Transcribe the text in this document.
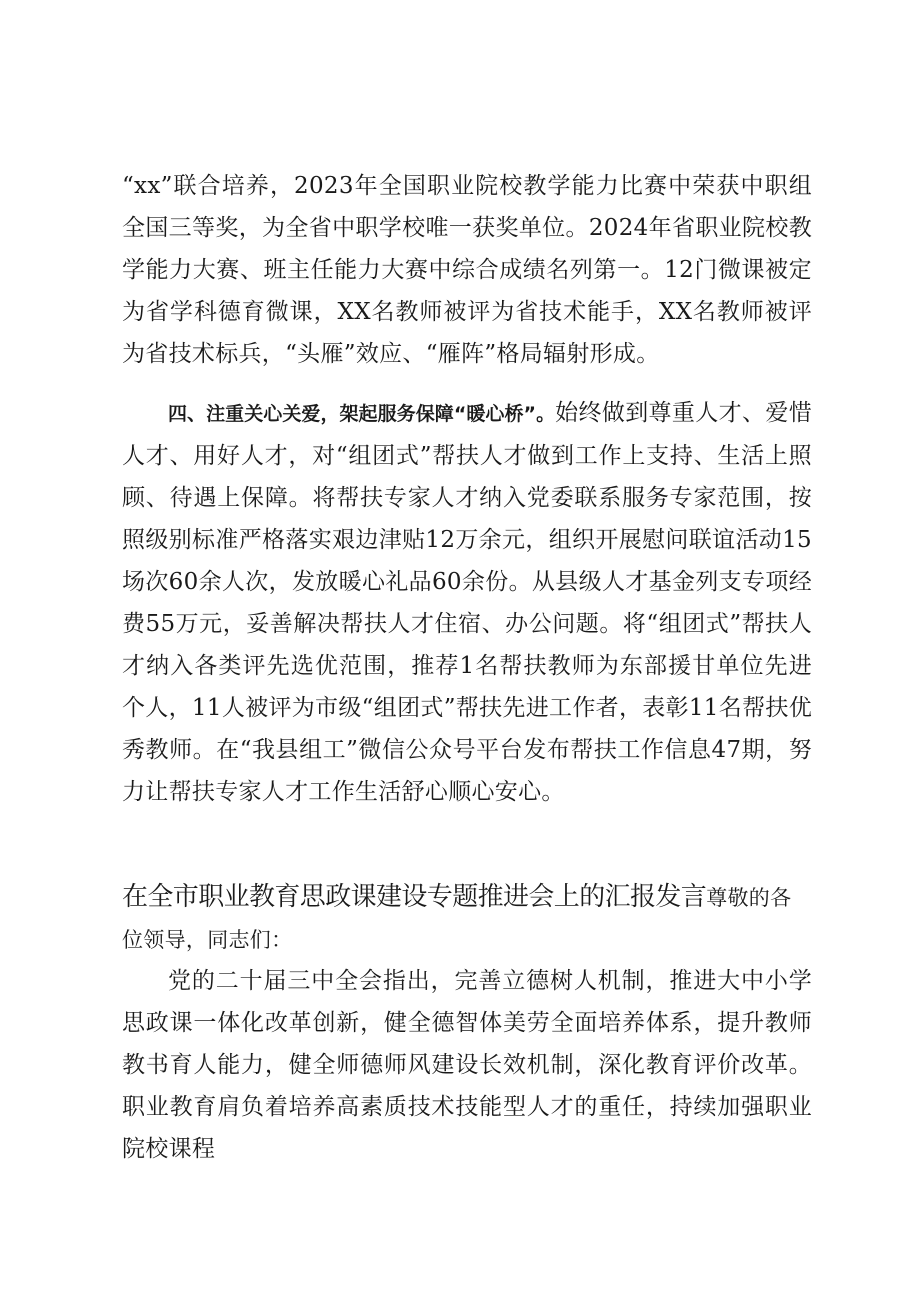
“xx”联合培养，2023年全国职业院校教学能力比赛中荣获中职组全国三等奖，为全省中职学校唯一获奖单位。2024年省职业院校教学能力大赛、班主任能力大赛中综合成绩名列第一。12门微课被定为省学科德育微课，XX名教师被评为省技术能手，XX名教师被评为省技术标兵，“头雁”效应、“雁阵”格局辐射形成。

四、注重关心关爱，架起服务保障“暖心桥”。始终做到尊重人才、爱惜人才、用好人才，对“组团式”帮扶人才做到工作上支持、生活上照顾、待遇上保障。将帮扶专家人才纳入党委联系服务专家范围，按照级别标准严格落实艰边津贴12万余元，组织开展慰问联谊活动15场次60余人次，发放暖心礼品60余份。从县级人才基金列支专项经费55万元，妥善解决帮扶人才住宿、办公问题。将“组团式”帮扶人才纳入各类评先选优范围，推荐1名帮扶教师为东部援甘单位先进个人，11人被评为市级“组团式”帮扶先进工作者，表彰11名帮扶优秀教师。在“我县组工”微信公众号平台发布帮扶工作信息47期，努力让帮扶专家人才工作生活舒心顺心安心。

在全市职业教育思政课建设专题推进会上的汇报发言尊敬的各位领导，同志们：

党的二十届三中全会指出，完善立德树人机制，推进大中小学思政课一体化改革创新，健全德智体美劳全面培养体系，提升教师教书育人能力，健全师德师风建设长效机制，深化教育评价改革。职业教育肩负着培养高素质技术技能型人才的重任，持续加强职业院校课程
